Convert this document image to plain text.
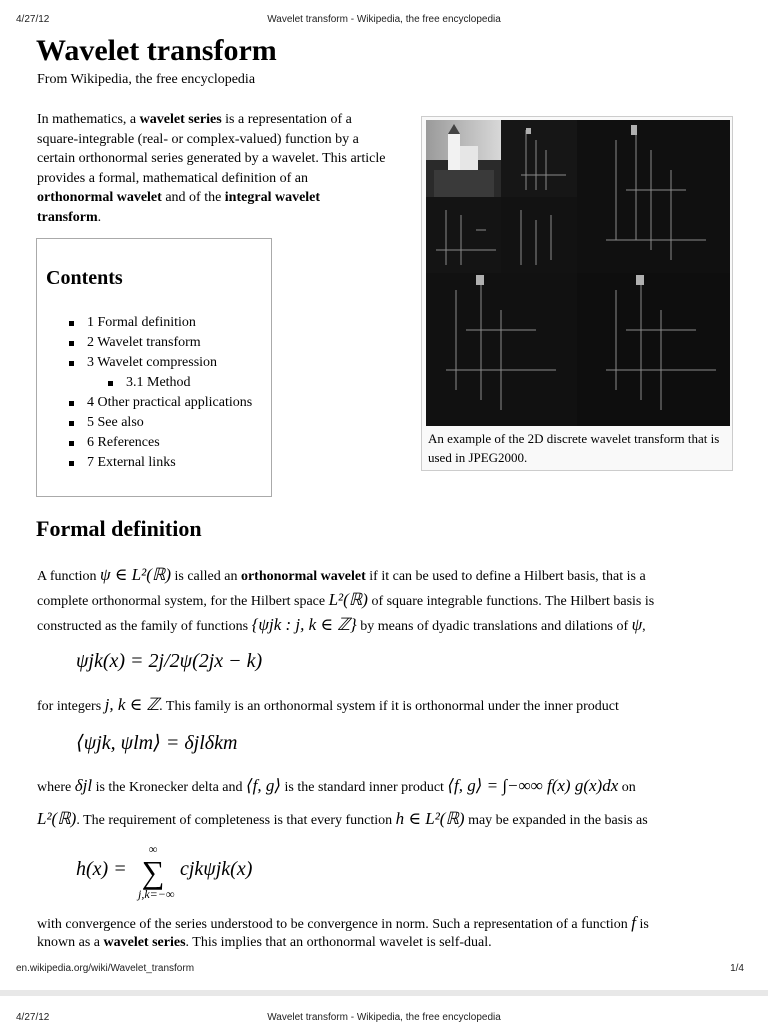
4/27/12	Wavelet transform - Wikipedia, the free encyclopedia
Wavelet transform
From Wikipedia, the free encyclopedia
In mathematics, a wavelet series is a representation of a square-integrable (real- or complex-valued) function by a certain orthonormal series generated by a wavelet. This article provides a formal, mathematical definition of an orthonormal wavelet and of the integral wavelet transform.
Contents
1 Formal definition
2 Wavelet transform
3 Wavelet compression
3.1 Method
4 Other practical applications
5 See also
6 References
7 External links
An example of the 2D discrete wavelet transform that is used in JPEG2000.
Formal definition
A function ψ ∈ L²(ℝ) is called an orthonormal wavelet if it can be used to define a Hilbert basis, that is a
complete orthonormal system, for the Hilbert space L²(ℝ) of square integrable functions. The Hilbert basis is
constructed as the family of functions {ψjk : j, k ∈ ℤ} by means of dyadic translations and dilations of ψ,
ψjk(x) = 2j/2ψ(2jx − k)
for integers j, k ∈ ℤ. This family is an orthonormal system if it is orthonormal under the inner product
⟨ψjk, ψlm⟩ = δjlδkm
where δjl is the Kronecker delta and ⟨f, g⟩ is the standard inner product ⟨f, g⟩ = ∫−∞∞ f(x) g(x)dx on
L²(ℝ). The requirement of completeness is that every function h ∈ L²(ℝ) may be expanded in the basis as
h(x) =
∞
∑
j,k=−∞
cjkψjk(x)
with convergence of the series understood to be convergence in norm. Such a representation of a function f is
known as a wavelet series. This implies that an orthonormal wavelet is self-dual.
en.wikipedia.org/wiki/Wavelet_transform	1/4
4/27/12	Wavelet transform - Wikipedia, the free encyclopedia
